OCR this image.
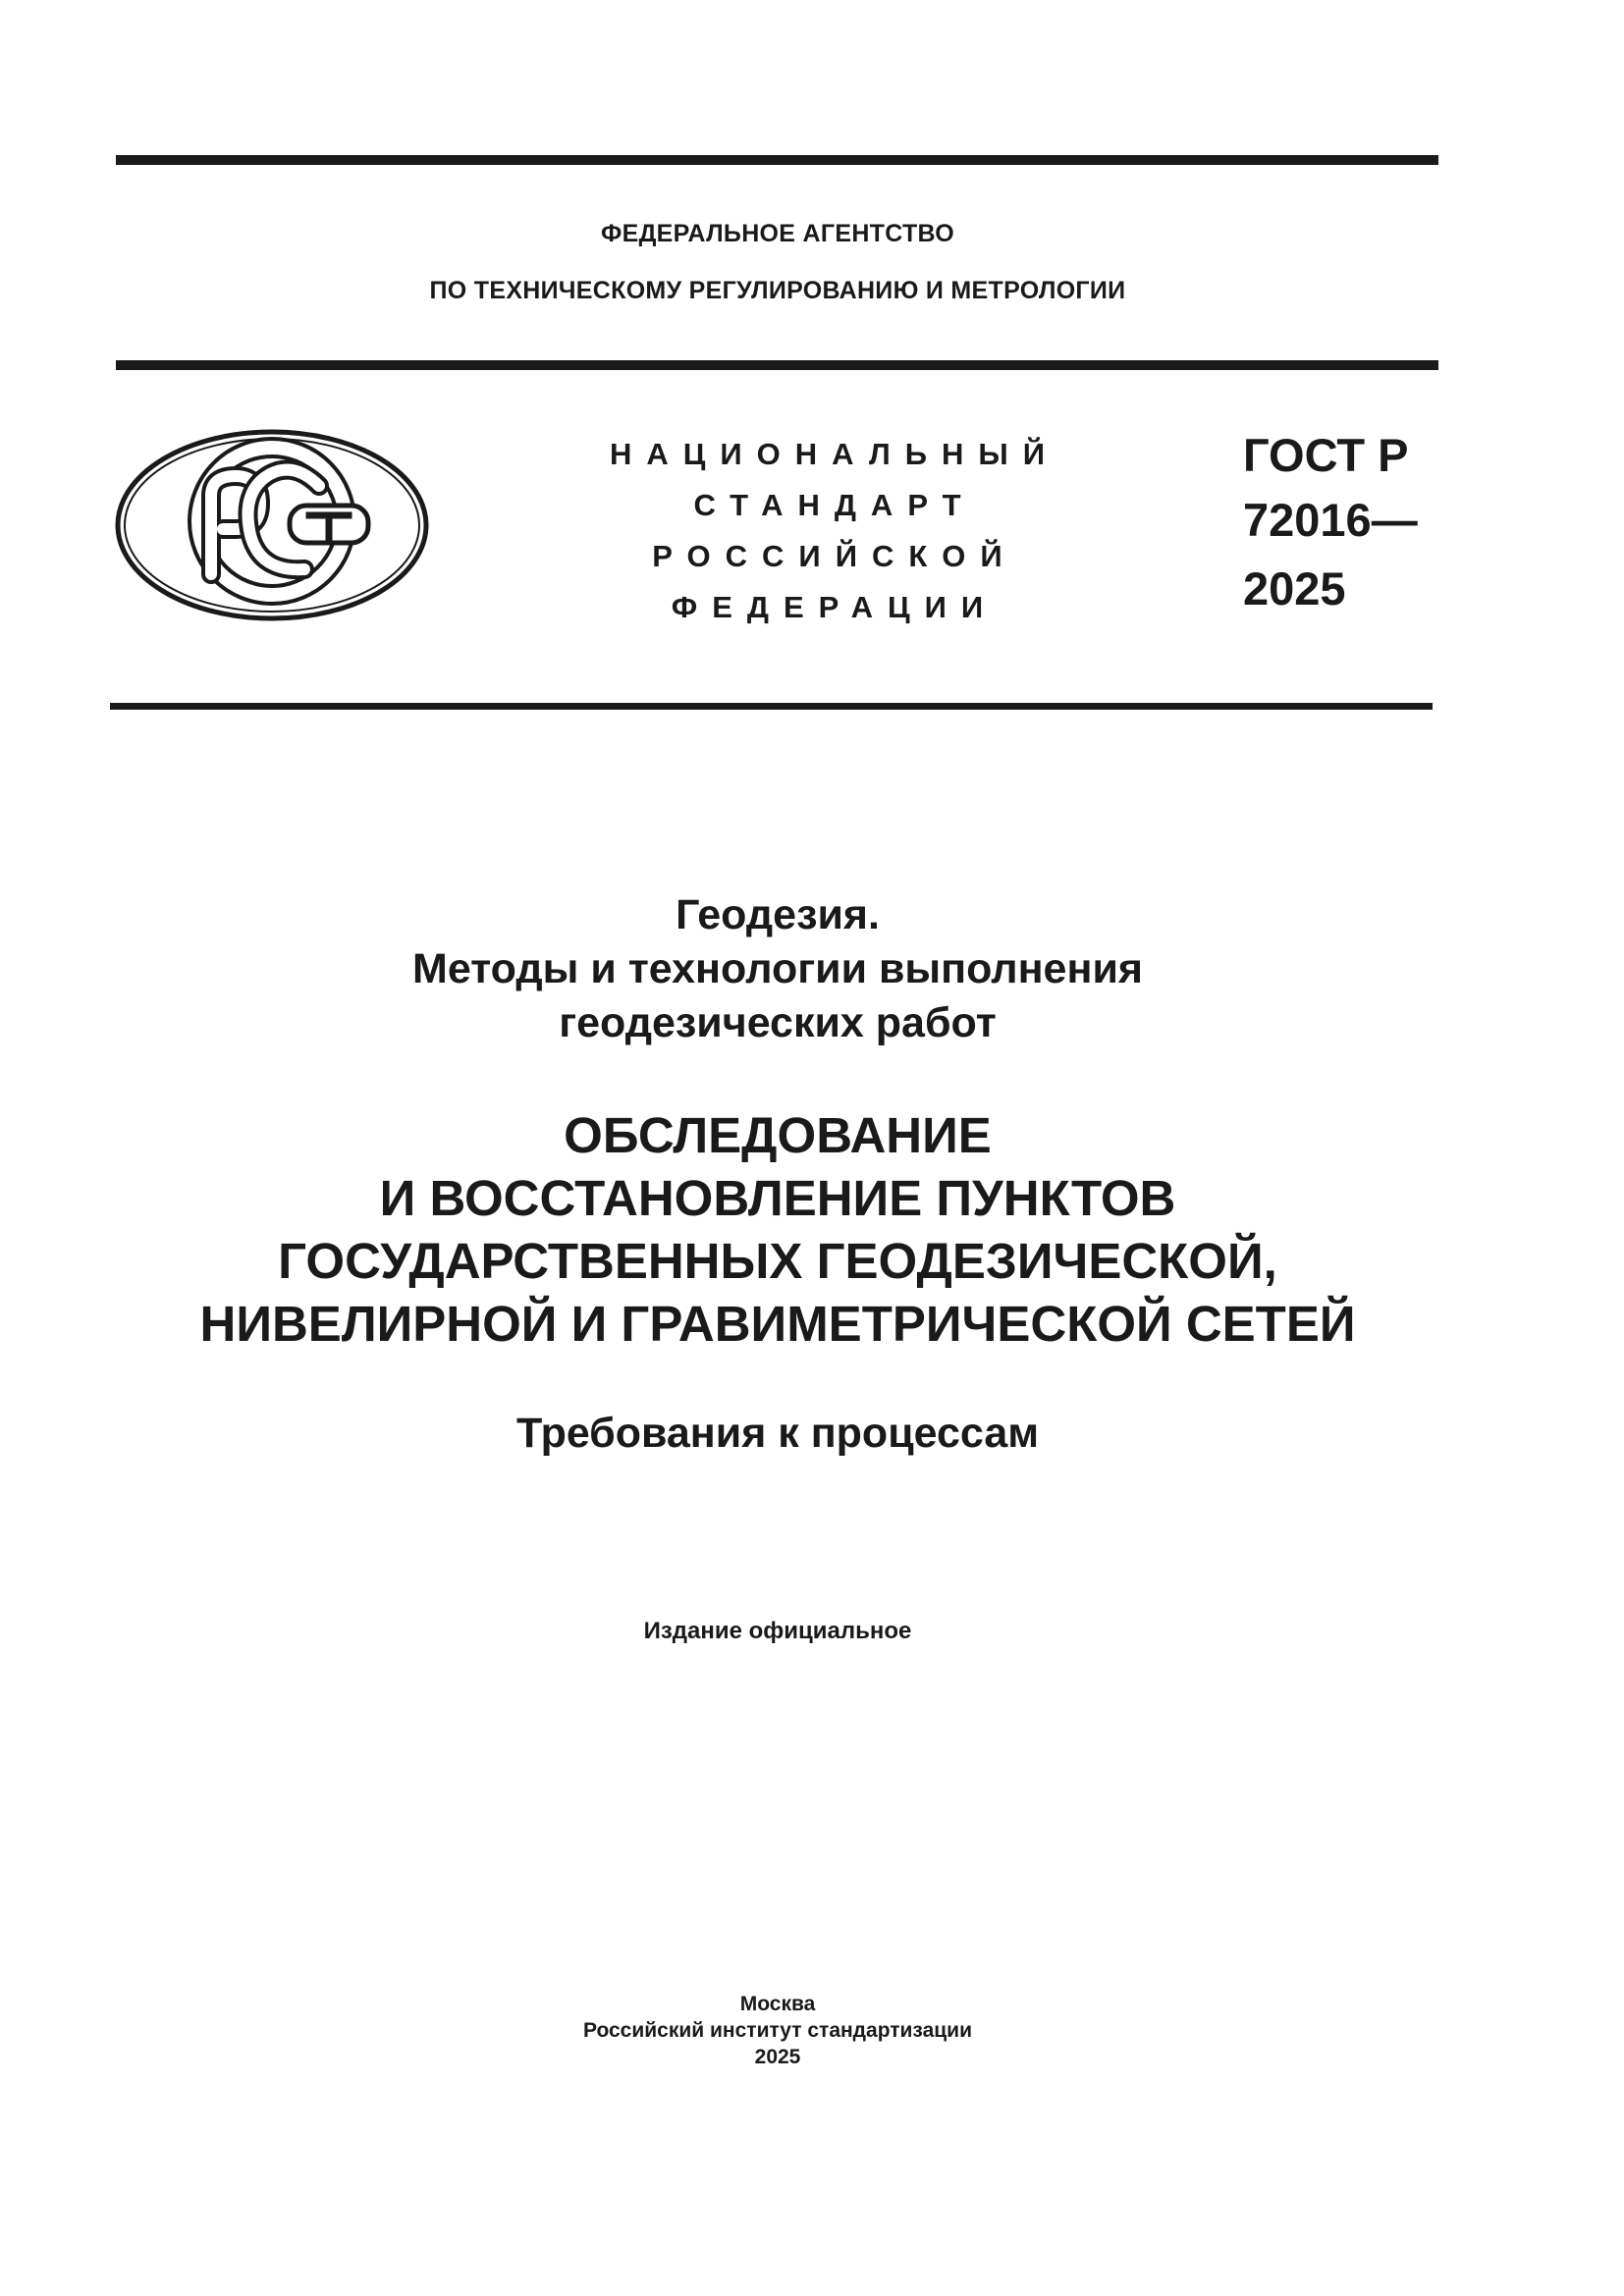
ФЕДЕРАЛЬНОЕ АГЕНТСТВО
ПО ТЕХНИЧЕСКОМУ РЕГУЛИРОВАНИЮ И МЕТРОЛОГИИ
НАЦИОНАЛЬНЫЙ
СТАНДАРТ
РОССИЙСКОЙ
ФЕДЕРАЦИИ
ГОСТ Р
72016—
2025
Геодезия.
Методы и технологии выполнения
геодезических работ
ОБСЛЕДОВАНИЕ
И ВОССТАНОВЛЕНИЕ ПУНКТОВ
ГОСУДАРСТВЕННЫХ ГЕОДЕЗИЧЕСКОЙ,
НИВЕЛИРНОЙ И ГРАВИМЕТРИЧЕСКОЙ СЕТЕЙ
Требования к процессам
Издание официальное
Москва
Российский институт стандартизации
2025
